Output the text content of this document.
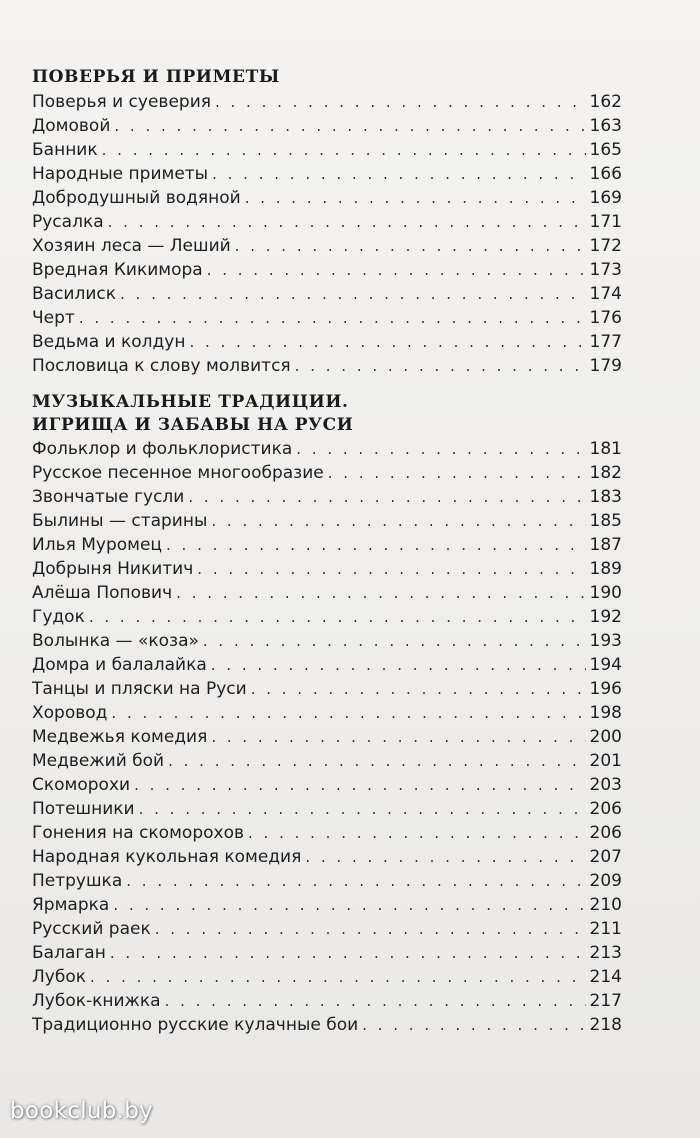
ПОВЕРЬЯ И ПРИМЕТЫ
Поверья и суеверия . . .	162
Домовой . . .	163
Банник . . .	165
Народные приметы . . .	166
Добродушный водяной . . .	169
Русалка . . .	171
Хозяин леса — Леший . . .	172
Вредная Кикимора . . .	173
Василиск . . .	174
Черт . . .	176
Ведьма и колдун . . .	177
Пословица к слову молвится . . .	179
МУЗЫКАЛЬНЫЕ ТРАДИЦИИ.
ИГРИЩА И ЗАБАВЫ НА РУСИ
Фольклор и фольклористика . . .	181
Русское песенное многообразие . . .	182
Звончатые гусли . . .	183
Былины — старины . . .	185
Илья Муромец . . .	187
Добрыня Никитич . . .	189
Алёша Попович . . .	190
Гудок . . .	192
Волынка — «коза» . . .	193
Домра и балалайка . . .	194
Танцы и пляски на Руси . . .	196
Хоровод . . .	198
Медвежья комедия . . .	200
Медвежий бой . . .	201
Скоморохи . . .	203
Потешники . . .	206
Гонения на скоморохов . . .	206
Народная кукольная комедия . . .	207
Петрушка . . .	209
Ярмарка . . .	210
Русский раек . . .	211
Балаган . . .	213
Лубок . . .	214
Лубок-книжка . . .	217
Традиционно русские кулачные бои . . .	218
bookclub.by
